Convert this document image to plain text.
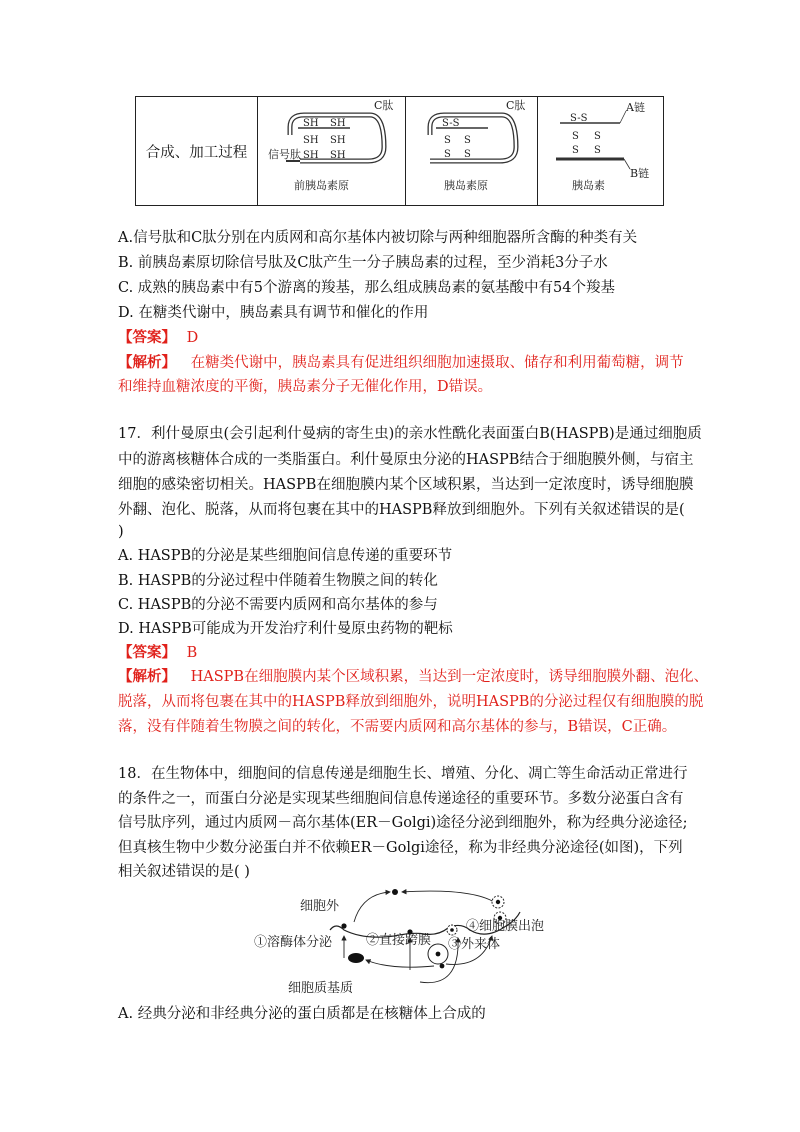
合成、加工过程	
C肽
SH SH
SH SH
SH SH
信号肽
前胰岛素原

C肽
S-S
S S
S S
胰岛素原

A链
B链
S-S
S S
S S
胰岛素
A.信号肽和C肽分别在内质网和高尔基体内被切除与两种细胞器所含酶的种类有关
B. 前胰岛素原切除信号肽及C肽产生一分子胰岛素的过程，至少消耗3分子水
C. 成熟的胰岛素中有5个游离的羧基，那么组成胰岛素的氨基酸中有54个羧基
D. 在糖类代谢中，胰岛素具有调节和催化的作用
【答案】 D
【解析】 在糖类代谢中，胰岛素具有促进组织细胞加速摄取、储存和利用葡萄糖，调节
和维持血糖浓度的平衡，胰岛素分子无催化作用，D错误。
17．利什曼原虫(会引起利什曼病的寄生虫)的亲水性酰化表面蛋白B(HASPB)是通过细胞质
中的游离核糖体合成的一类脂蛋白。利什曼原虫分泌的HASPB结合于细胞膜外侧，与宿主
细胞的感染密切相关。HASPB在细胞膜内某个区域积累，当达到一定浓度时，诱导细胞膜
外翻、泡化、脱落，从而将包裹在其中的HASPB释放到细胞外。下列有关叙述错误的是(
)
A. HASPB的分泌是某些细胞间信息传递的重要环节
B. HASPB的分泌过程中伴随着生物膜之间的转化
C. HASPB的分泌不需要内质网和高尔基体的参与
D. HASPB可能成为开发治疗利什曼原虫药物的靶标
【答案】 B
【解析】 HASPB在细胞膜内某个区域积累，当达到一定浓度时，诱导细胞膜外翻、泡化、
脱落，从而将包裹在其中的HASPB释放到细胞外，说明HASPB的分泌过程仅有细胞膜的脱
落，没有伴随着生物膜之间的转化，不需要内质网和高尔基体的参与，B错误，C正确。
18．在生物体中，细胞间的信息传递是细胞生长、增殖、分化、凋亡等生命活动正常进行
的条件之一，而蛋白分泌是实现某些细胞间信息传递途径的重要环节。多数分泌蛋白含有
信号肽序列，通过内质网－高尔基体(ER－Golgi)途径分泌到细胞外，称为经典分泌途径;
但真核生物中少数分泌蛋白并不依赖ER－Golgi途径，称为非经典分泌途径(如图)，下列
相关叙述错误的是( )
细胞外
①溶酶体分泌	②直接跨膜 ③外来体
④细胞膜出泡
细胞质基质
A. 经典分泌和非经典分泌的蛋白质都是在核糖体上合成的
